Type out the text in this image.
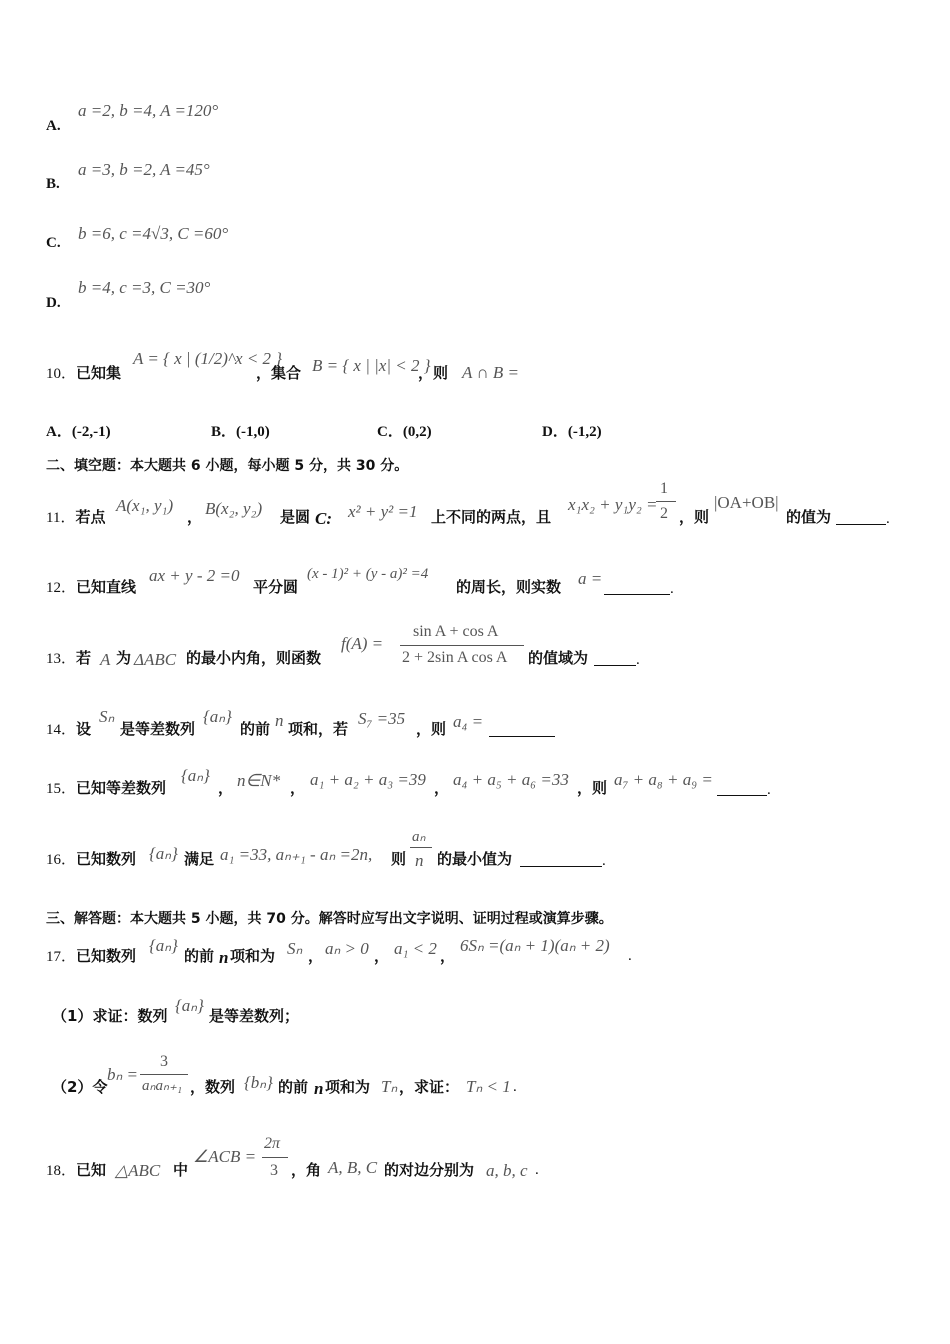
A.
a =2, b =4, A =120°
B.
a =3, b =2, A =45°
C. b =6, c =4√3, C =60°
D.
b =4, c =3, C =30°
10．已知集
A = { x | (1/2)^x < 2 }
，集合 B = { x | |x| < 2 }
，则 A ∩ B =
A．(-2,-1)	B．(-1,0)	C．(0,2)	D．(-1,2)
二、填空题：本大题共 6 小题，每小题 5 分，共 30 分。
11．若点
A(x₁, y₁)
， B(x₂, y₂) 是圆 C: x² + y² =1 上不同的两点，且
x₁x₂ + y₁y₂ =
1
2 ，则
|OA+OB|
的值为	.
12．已知直线
ax + y - 2 =0
平分圆
(x - 1)² + (y - a)² =4
的周长，则实数 a =
.
13．若 A 为 ΔABC 的最小内角，则函数
f(A) =
sin A + cos A
2 + 2sin A cos A 的值域为	.
14．设
Sₙ
是等差数列
{aₙ}
的前 n 项和，若
S₇ =35
，则 a₄ =
15．已知等差数列
{aₙ}
， n∈N* ， a₁ + a₂ + a₃ =39 ， a₄ + a₅ + a₆ =33 ，则 a₇ + a₈ + a₉ =
.
16．已知数列 {aₙ} 满足 a₁ =33, aₙ₊₁ - aₙ =2n, 则
aₙ
n 的最小值为	.
三、解答题：本大题共 5 小题，共 70 分。解答时应写出文字说明、证明过程或演算步骤。
17．已知数列
{aₙ}
的前 n 项和为 Sₙ ， aₙ > 0 ， a₁ < 2 ，
6Sₙ =(aₙ + 1)(aₙ + 2)
.
（1）求证：数列
{aₙ}
是等差数列；
（2）令
bₙ =
3
aₙaₙ₊₁ ，数列 {bₙ} 的前 n 项和为 Tₙ ，求证： Tₙ < 1 .
18．已知 △ABC 中
∠ACB =
2π
3 ，角 A, B, C 的对边分别为 a, b, c .
